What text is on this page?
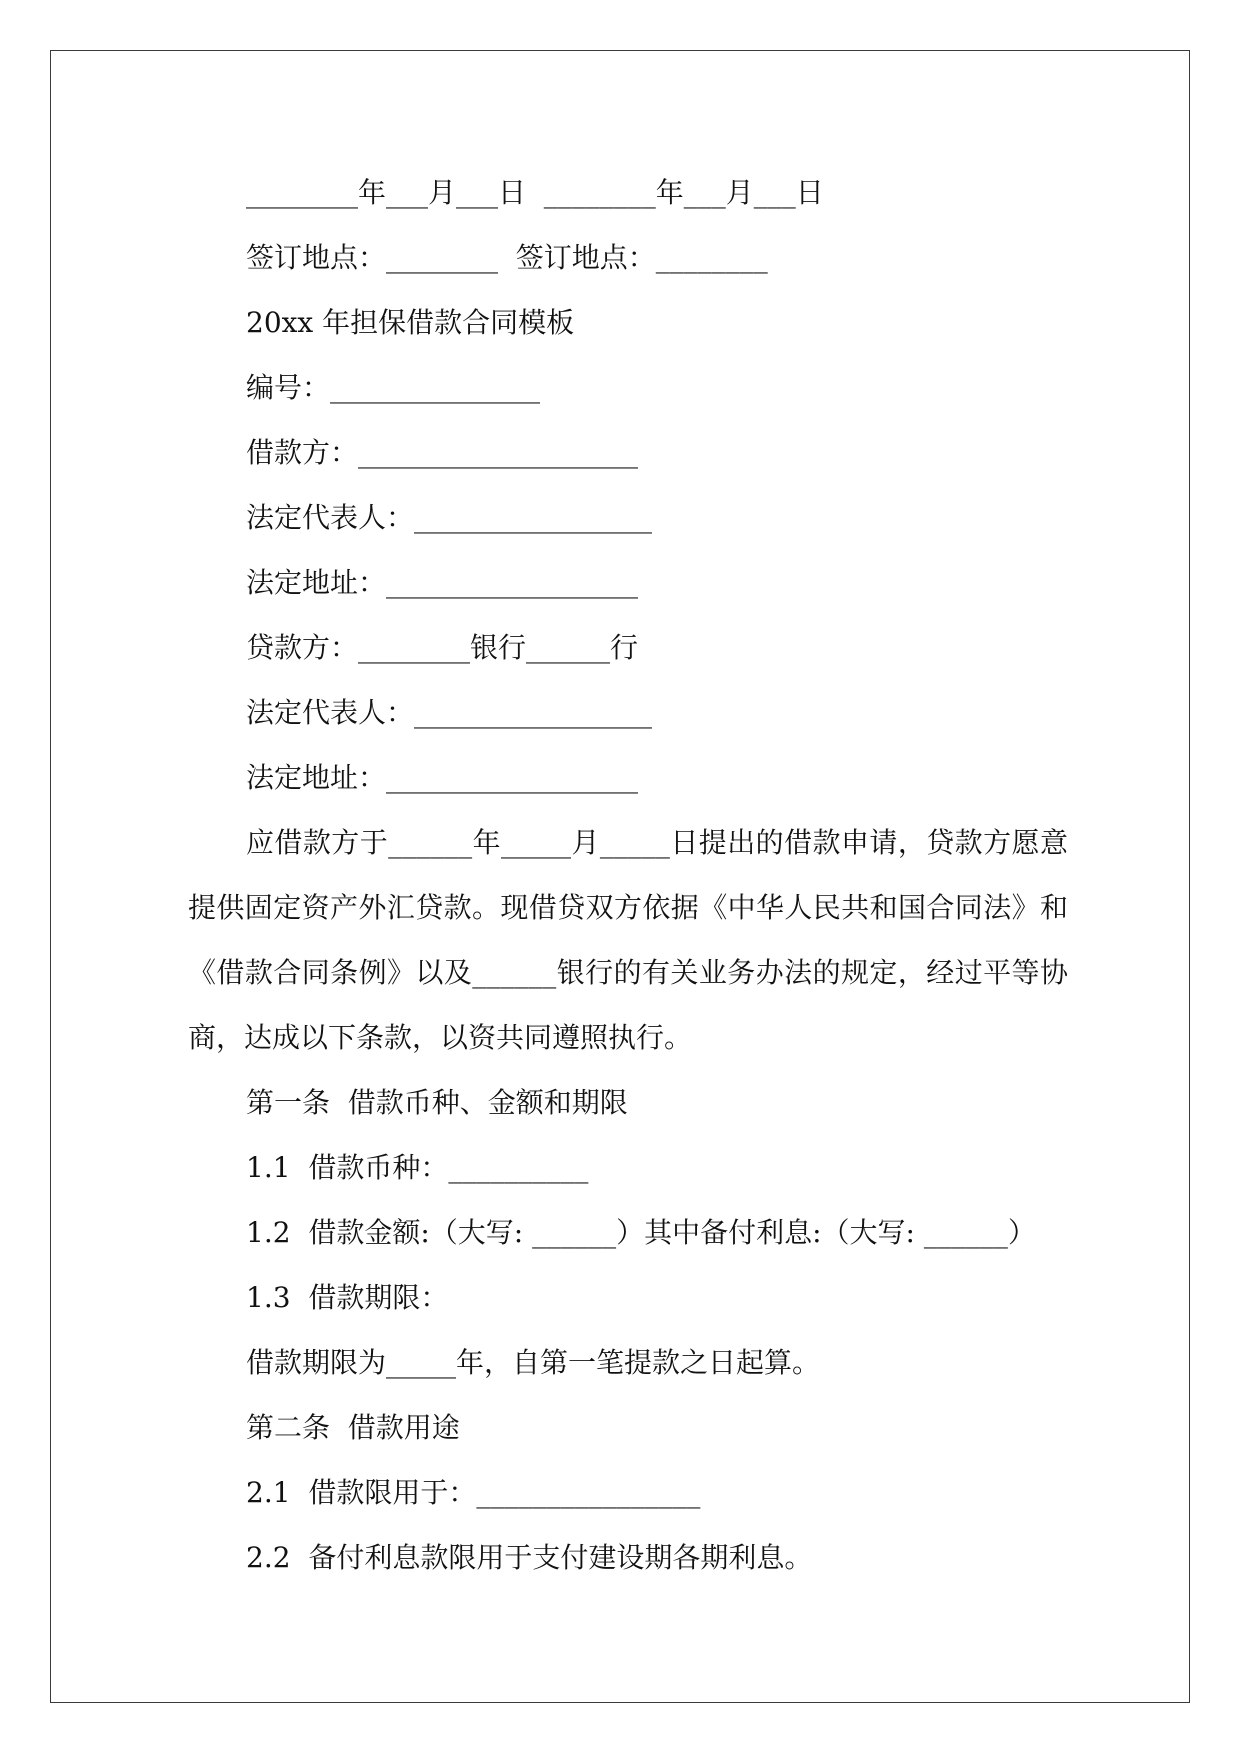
________年___月___日  ________年___月___日
签订地点：________  签订地点：________
20xx 年担保借款合同模板
编号：_______________
借款方：____________________
法定代表人：_________________
法定地址：__________________
贷款方：________银行______行
法定代表人：_________________
法定地址：__________________
应借款方于______年_____月_____日提出的借款申请，贷款方愿意提供固定资产外汇贷款。现借贷双方依据《中华人民共和国合同法》和《借款合同条例》以及______银行的有关业务办法的规定，经过平等协商，达成以下条款，以资共同遵照执行。
第一条  借款币种、金额和期限
1.1  借款币种：__________
1.2  借款金额:（大写: ______）其中备付利息:（大写: ______）
1.3  借款期限：
借款期限为_____年，自第一笔提款之日起算。
第二条  借款用途
2.1  借款限用于：________________
2.2  备付利息款限用于支付建设期各期利息。
